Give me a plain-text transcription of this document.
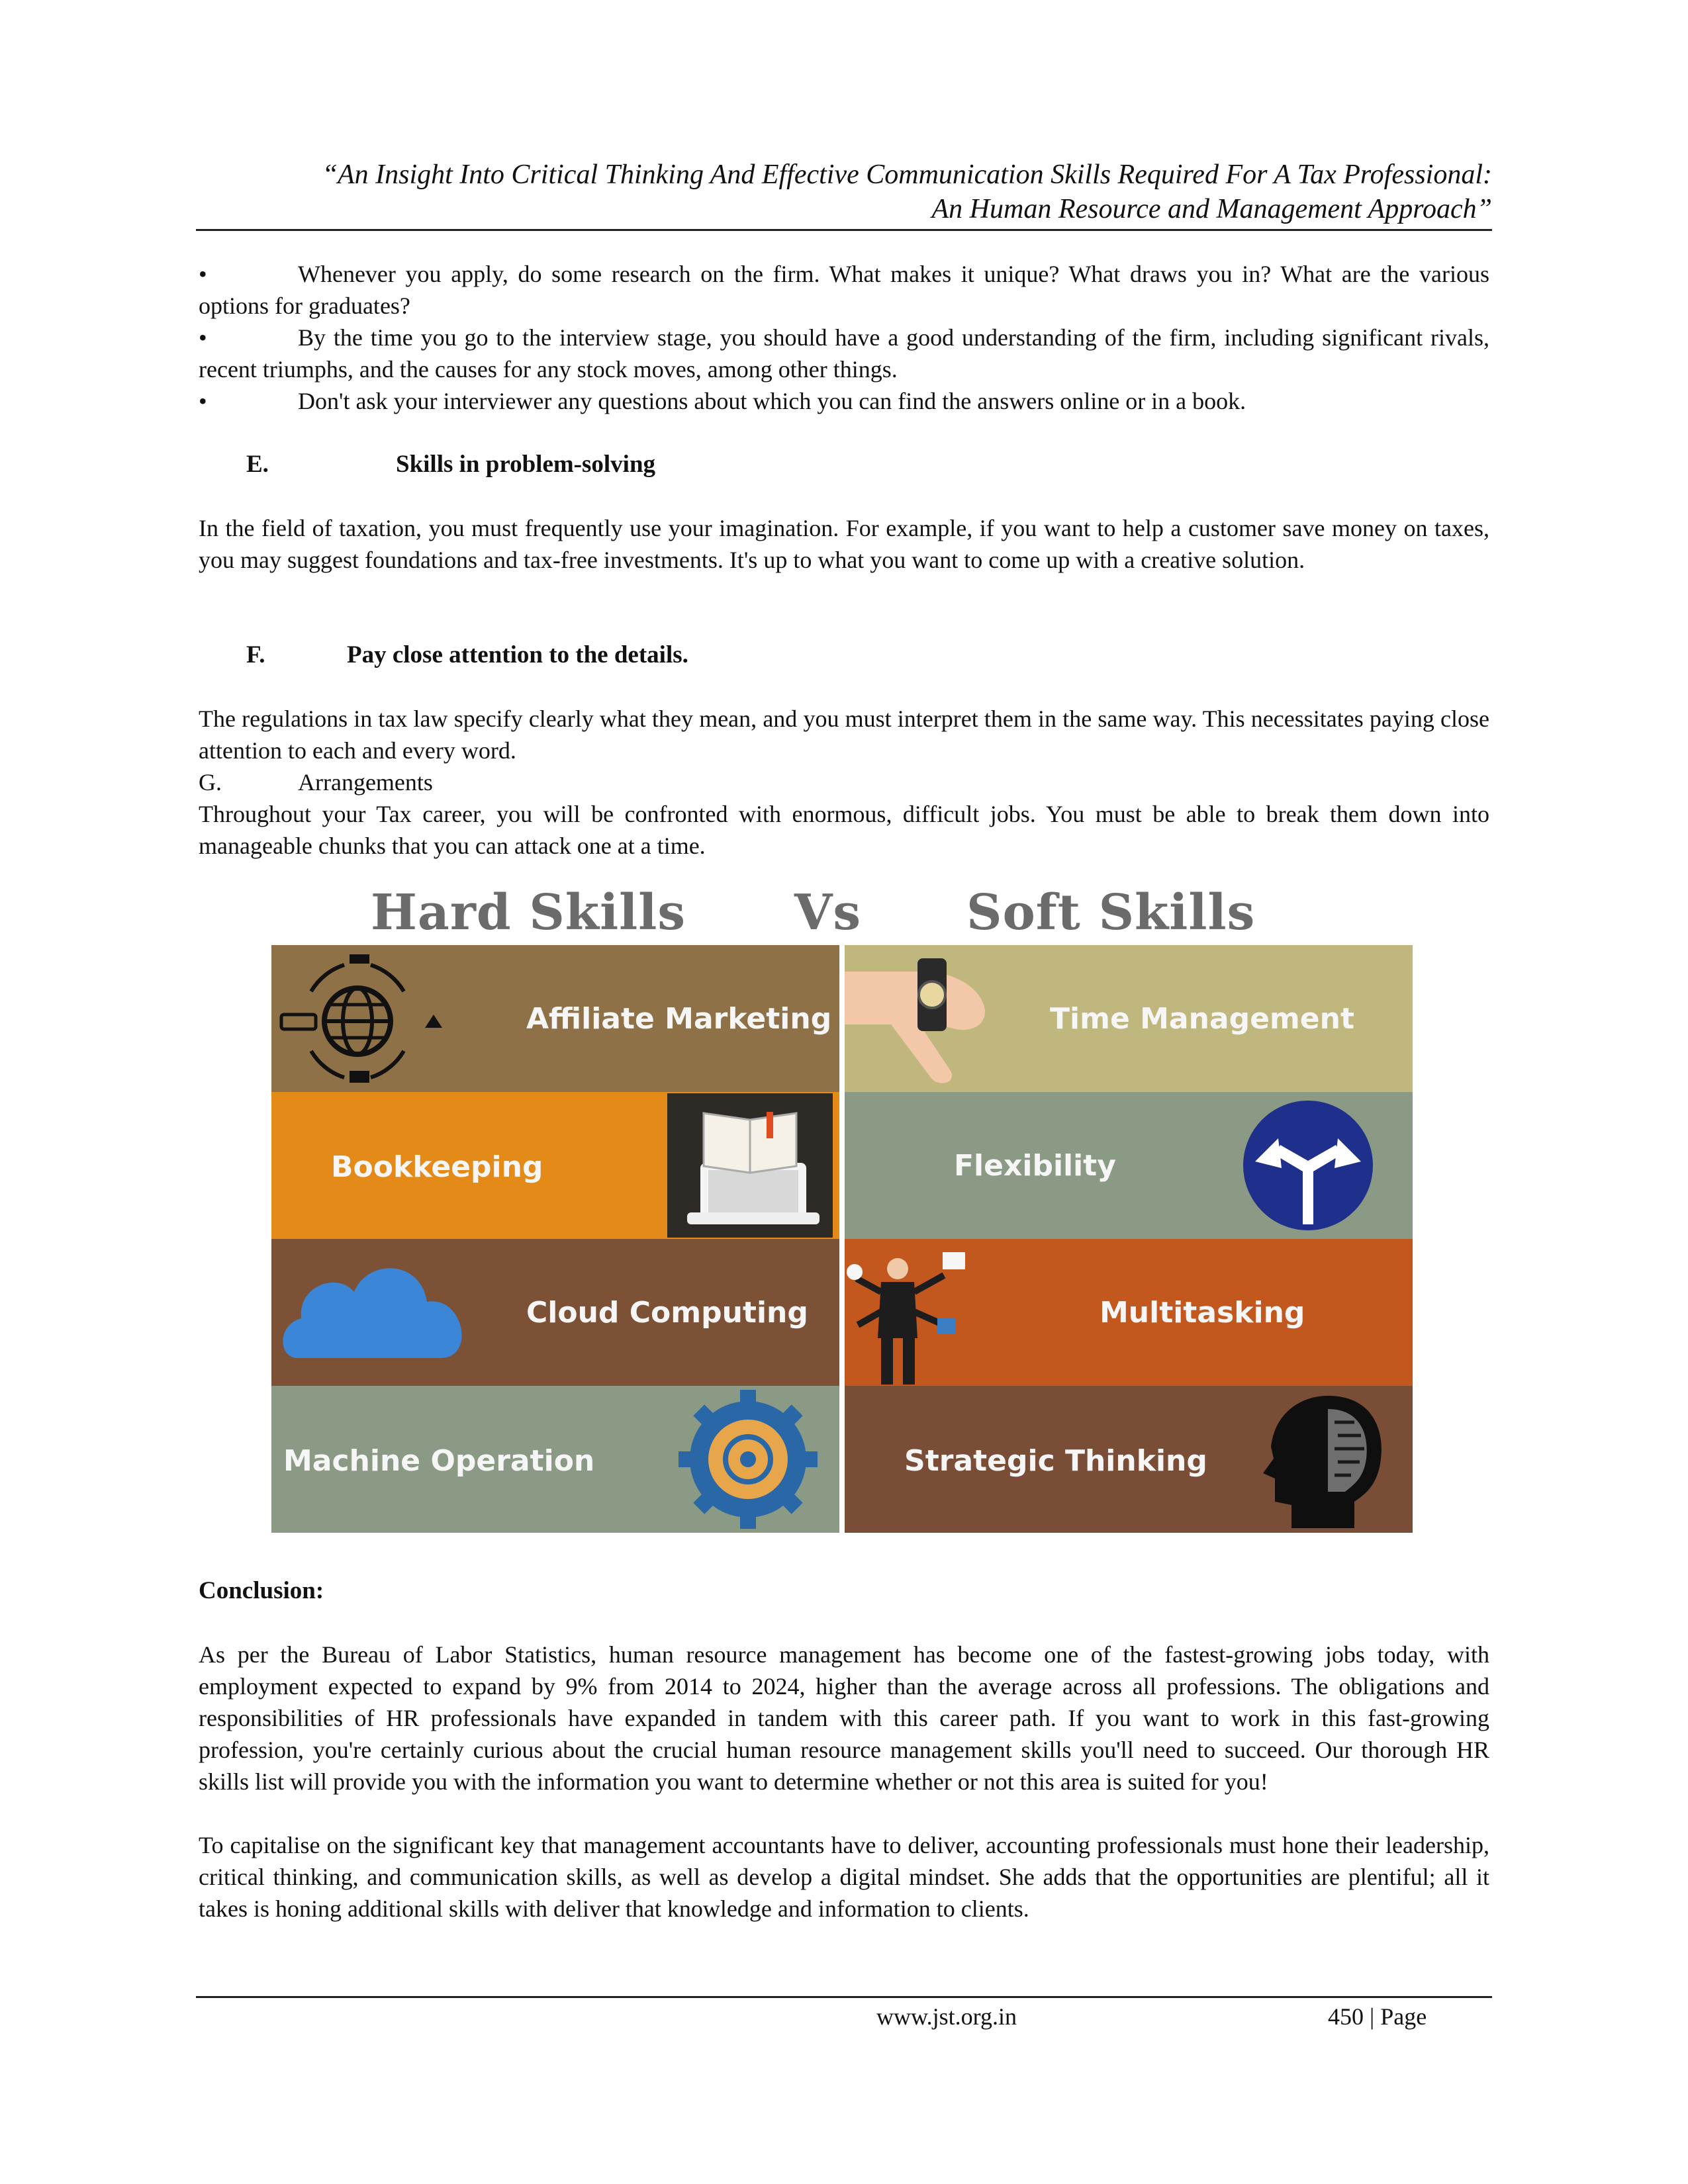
“An Insight Into Critical Thinking And Effective Communication Skills Required For A Tax Professional:
An Human Resource and Management Approach”
•	Whenever you apply, do some research on the firm. What makes it unique? What draws you in? What are the various options for graduates?
•	By the time you go to the interview stage, you should have a good understanding of the firm, including significant rivals, recent triumphs, and the causes for any stock moves, among other things.
•	Don't ask your interviewer any questions about which you can find the answers online or in a book.
E.	Skills in problem-solving
In the field of taxation, you must frequently use your imagination. For example, if you want to help a customer save money on taxes, you may suggest foundations and tax-free investments. It's up to what you want to come up with a creative solution.
F.	Pay close attention to the details.
The regulations in tax law specify clearly what they mean, and you must interpret them in the same way. This necessitates paying close attention to each and every word.
G.	Arrangements
Throughout your Tax career, you will be confronted with enormous, difficult jobs. You must be able to break them down into manageable chunks that you can attack one at a time.
Hard Skills Vs Soft Skills
Affiliate Marketing
Bookkeeping
Cloud Computing
Machine Operation
Time Management
Flexibility
Multitasking
Strategic Thinking
Conclusion:
As per the Bureau of Labor Statistics, human resource management has become one of the fastest-growing jobs today, with employment expected to expand by 9% from 2014 to 2024, higher than the average across all professions. The obligations and responsibilities of HR professionals have expanded in tandem with this career path. If you want to work in this fast-growing profession, you're certainly curious about the crucial human resource management skills you'll need to succeed. Our thorough HR skills list will provide you with the information you want to determine whether or not this area is suited for you!
To capitalise on the significant key that management accountants have to deliver, accounting professionals must hone their leadership, critical thinking, and communication skills, as well as develop a digital mindset. She adds that the opportunities are plentiful; all it takes is honing additional skills with deliver that knowledge and information to clients.
www.jst.org.in	450 | Page
